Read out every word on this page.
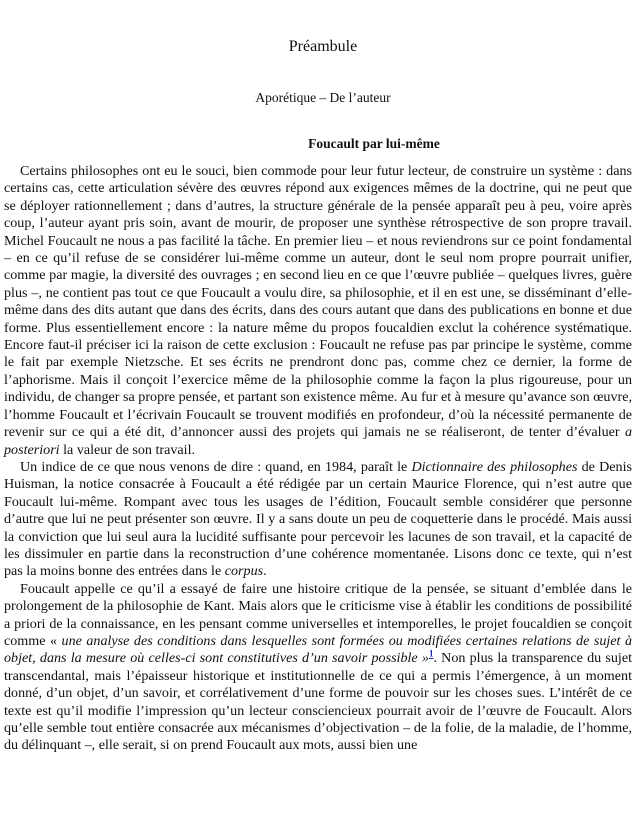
Préambule
Aporétique – De l’auteur
Foucault par lui-même

Certains philosophes ont eu le souci, bien commode pour leur futur lecteur, de construire un système : dans certains cas, cette articulation sévère des œuvres répond aux exigences mêmes de la doctrine, qui ne peut que se déployer rationnellement ; dans d’autres, la structure générale de la pensée apparaît peu à peu, voire après coup, l’auteur ayant pris soin, avant de mourir, de proposer une synthèse rétrospective de son propre travail. Michel Foucault ne nous a pas facilité la tâche. En premier lieu – et nous reviendrons sur ce point fondamental – en ce qu’il refuse de se considérer lui-même comme un auteur, dont le seul nom propre pourrait unifier, comme par magie, la diversité des ouvrages ; en second lieu en ce que l’œuvre publiée – quelques livres, guère plus –, ne contient pas tout ce que Foucault a voulu dire, sa philosophie, et il en est une, se disséminant d’elle-même dans des dits autant que dans des écrits, dans des cours autant que dans des publications en bonne et due forme. Plus essentiellement encore : la nature même du propos foucaldien exclut la cohérence systématique. Encore faut-il préciser ici la raison de cette exclusion : Foucault ne refuse pas par principe le système, comme le fait par exemple Nietzsche. Et ses écrits ne prendront donc pas, comme chez ce dernier, la forme de l’aphorisme. Mais il conçoit l’exercice même de la philosophie comme la façon la plus rigoureuse, pour un individu, de changer sa propre pensée, et partant son existence même. Au fur et à mesure qu’avance son œuvre, l’homme Foucault et l’écrivain Foucault se trouvent modifiés en profondeur, d’où la nécessité permanente de revenir sur ce qui a été dit, d’annoncer aussi des projets qui jamais ne se réaliseront, de tenter d’évaluer a posteriori la valeur de son travail.

Un indice de ce que nous venons de dire : quand, en 1984, paraît le Dictionnaire des philosophes de Denis Huisman, la notice consacrée à Foucault a été rédigée par un certain Maurice Florence, qui n’est autre que Foucault lui-même. Rompant avec tous les usages de l’édition, Foucault semble considérer que personne d’autre que lui ne peut présenter son œuvre. Il y a sans doute un peu de coquetterie dans le procédé. Mais aussi la conviction que lui seul aura la lucidité suffisante pour percevoir les lacunes de son travail, et la capacité de les dissimuler en partie dans la reconstruction d’une cohérence momentanée. Lisons donc ce texte, qui n’est pas la moins bonne des entrées dans le corpus.

Foucault appelle ce qu’il a essayé de faire une histoire critique de la pensée, se situant d’emblée dans le prolongement de la philosophie de Kant. Mais alors que le criticisme vise à établir les conditions de possibilité a priori de la connaissance, en les pensant comme universelles et intemporelles, le projet foucaldien se conçoit comme « une analyse des conditions dans lesquelles sont formées ou modifiées certaines relations de sujet à objet, dans la mesure où celles-ci sont constitutives d’un savoir possible »$^1$. Non plus la transparence du sujet transcendantal, mais l’épaisseur historique et institutionnelle de ce qui a permis l’émergence, à un moment donné, d’un objet, d’un savoir, et corrélativement d’une forme de pouvoir sur les choses sues. L’intérêt de ce texte est qu’il modifie l’impression qu’un lecteur consciencieux pourrait avoir de l’œuvre de Foucault. Alors qu’elle semble tout entière consacrée aux mécanismes d’objectivation – de la folie, de la maladie, de l’homme, du délinquant –, elle serait, si on prend Foucault aux mots, aussi bien une
